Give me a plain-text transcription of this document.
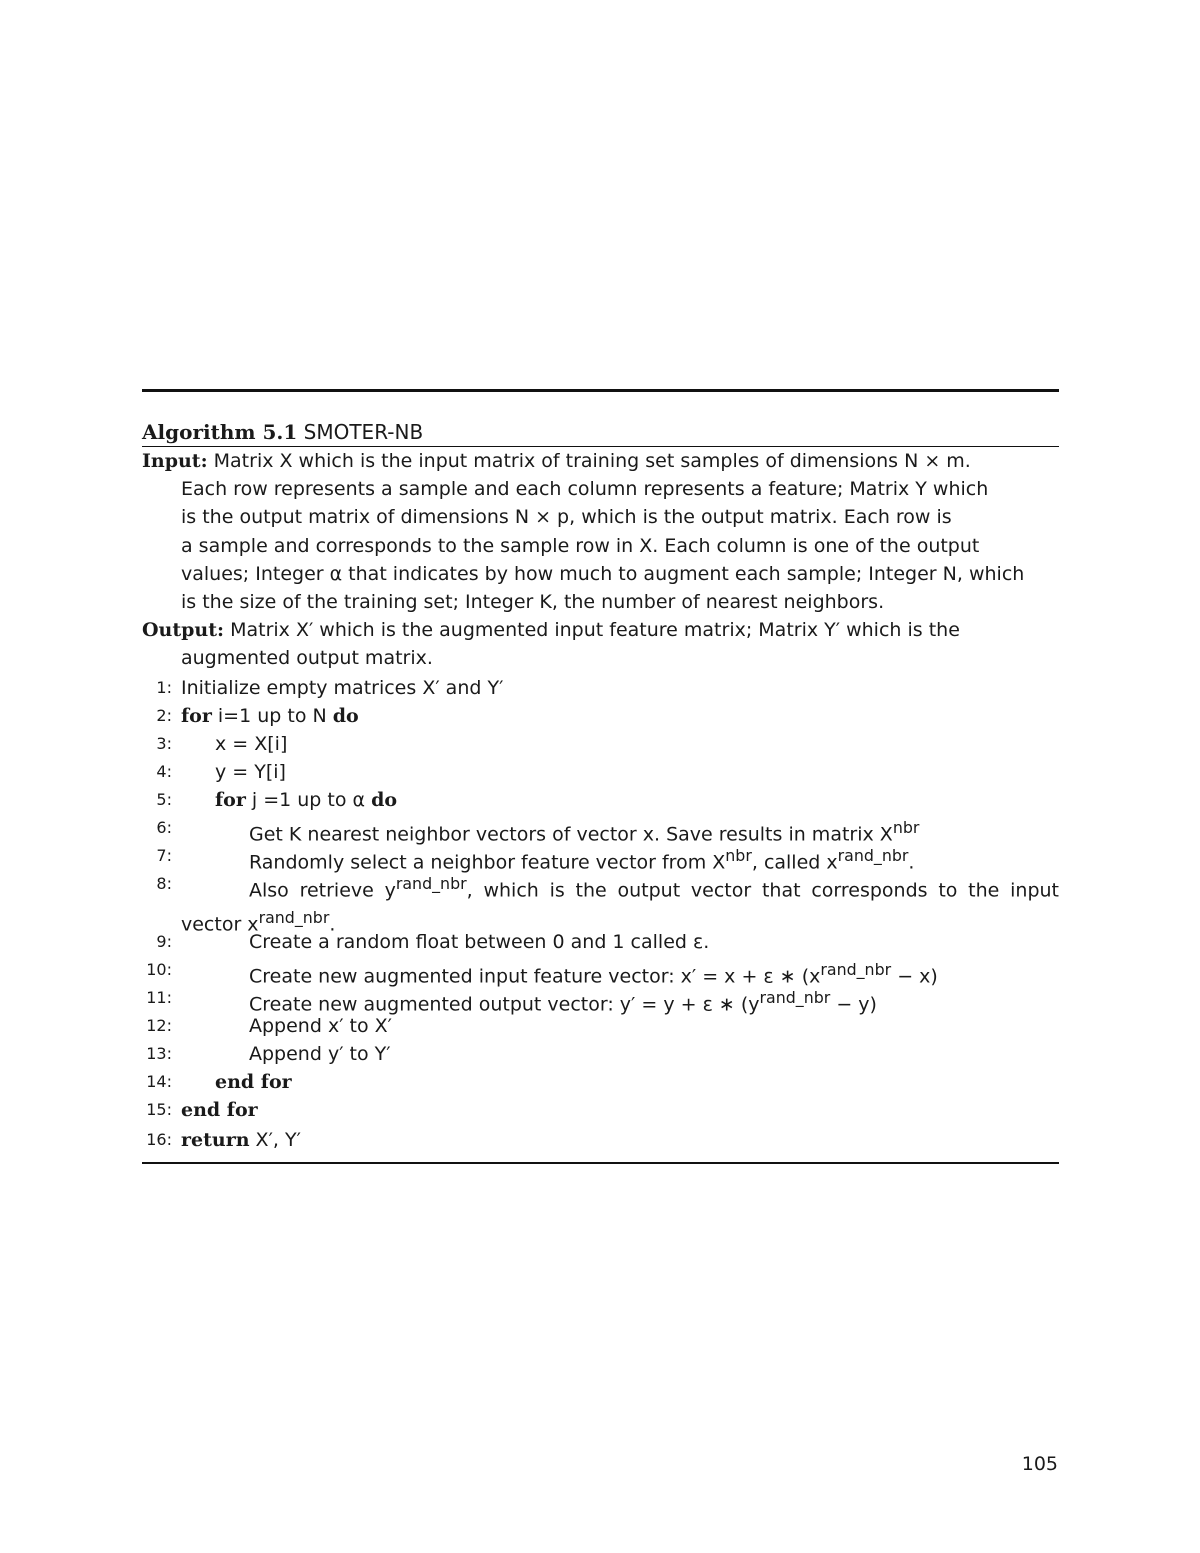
Algorithm 5.1 SMOTER-NB
Input: Matrix X which is the input matrix of training set samples of dimensions N × m.
Each row represents a sample and each column represents a feature; Matrix Y which
is the output matrix of dimensions N × p, which is the output matrix. Each row is
a sample and corresponds to the sample row in X. Each column is one of the output
values; Integer α that indicates by how much to augment each sample; Integer N, which
is the size of the training set; Integer K, the number of nearest neighbors.
Output: Matrix X′ which is the augmented input feature matrix; Matrix Y′ which is the
augmented output matrix.
1: Initialize empty matrices X′ and Y′
2: for i=1 up to N do
3: x = X[i]
4: y = Y[i]
5: for j =1 up to α do
6:	Get K nearest neighbor vectors of vector x. Save results in matrix $X^{nbr}$
7:	Randomly select a neighbor feature vector from $X^{nbr}$, called $x^{rand\_nbr}$.
8:	Also retrieve $y^{rand\_nbr}$, which is the output vector that corresponds to the input
vector $x^{rand\_nbr}$.
9:	Create a random float between 0 and 1 called ε.
10:	Create new augmented input feature vector: x′ = x + ε ∗ $(x^{rand\_nbr} - x)$
11:	Create new augmented output vector: y′ = y + ε ∗ $(y^{rand\_nbr} - y)$
12:	Append x′ to X′
13:	Append y′ to Y′
14: end for
15: end for
16: return X′, Y′
105
